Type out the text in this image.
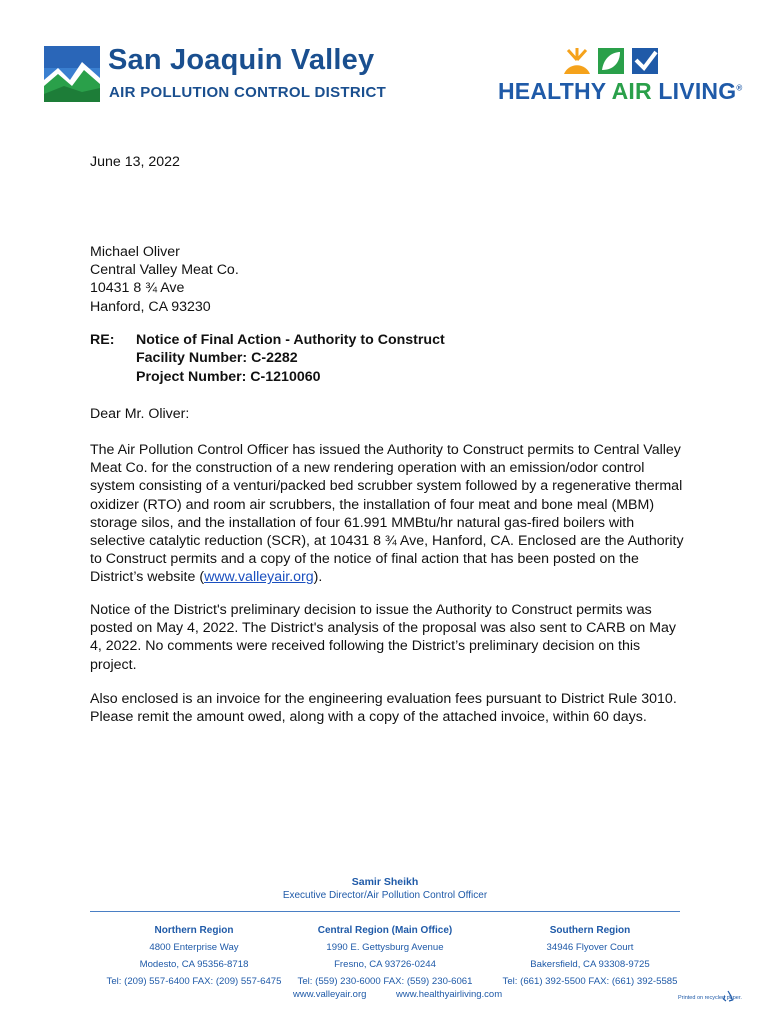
San Joaquin Valley
AIR POLLUTION CONTROL DISTRICT	HEALTHY AIR LIVING®
June 13, 2022
Michael Oliver
Central Valley Meat Co.
10431 8 ¾ Ave
Hanford, CA 93230
RE: Notice of Final Action - Authority to Construct
Facility Number: C-2282
Project Number: C-1210060
Dear Mr. Oliver:

The Air Pollution Control Officer has issued the Authority to Construct permits to Central Valley Meat Co. for the construction of a new rendering operation with an emission/odor control system consisting of a venturi/packed bed scrubber system followed by a regenerative thermal oxidizer (RTO) and room air scrubbers, the installation of four meat and bone meal (MBM) storage silos, and the installation of four 61.991 MMBtu/hr natural gas-fired boilers with selective catalytic reduction (SCR), at 10431 8 ¾ Ave, Hanford, CA. Enclosed are the Authority to Construct permits and a copy of the notice of final action that has been posted on the District’s website (www.valleyair.org).

Notice of the District's preliminary decision to issue the Authority to Construct permits was posted on May 4, 2022. The District's analysis of the proposal was also sent to CARB on May 4, 2022. No comments were received following the District’s preliminary decision on this project.

Also enclosed is an invoice for the engineering evaluation fees pursuant to District Rule 3010. Please remit the amount owed, along with a copy of the attached invoice, within 60 days.

Samir Sheikh
Executive Director/Air Pollution Control Officer
Northern Region
4800 Enterprise Way
Modesto, CA 95356-8718
Tel: (209) 557-6400 FAX: (209) 557-6475
Central Region (Main Office)
1990 E. Gettysburg Avenue
Fresno, CA 93726-0244
Tel: (559) 230-6000 FAX: (559) 230-6061
Southern Region
34946 Flyover Court
Bakersfield, CA 93308-9725
Tel: (661) 392-5500 FAX: (661) 392-5585
www.valleyair.org	www.healthyairliving.com	Printed on recycled paper.
